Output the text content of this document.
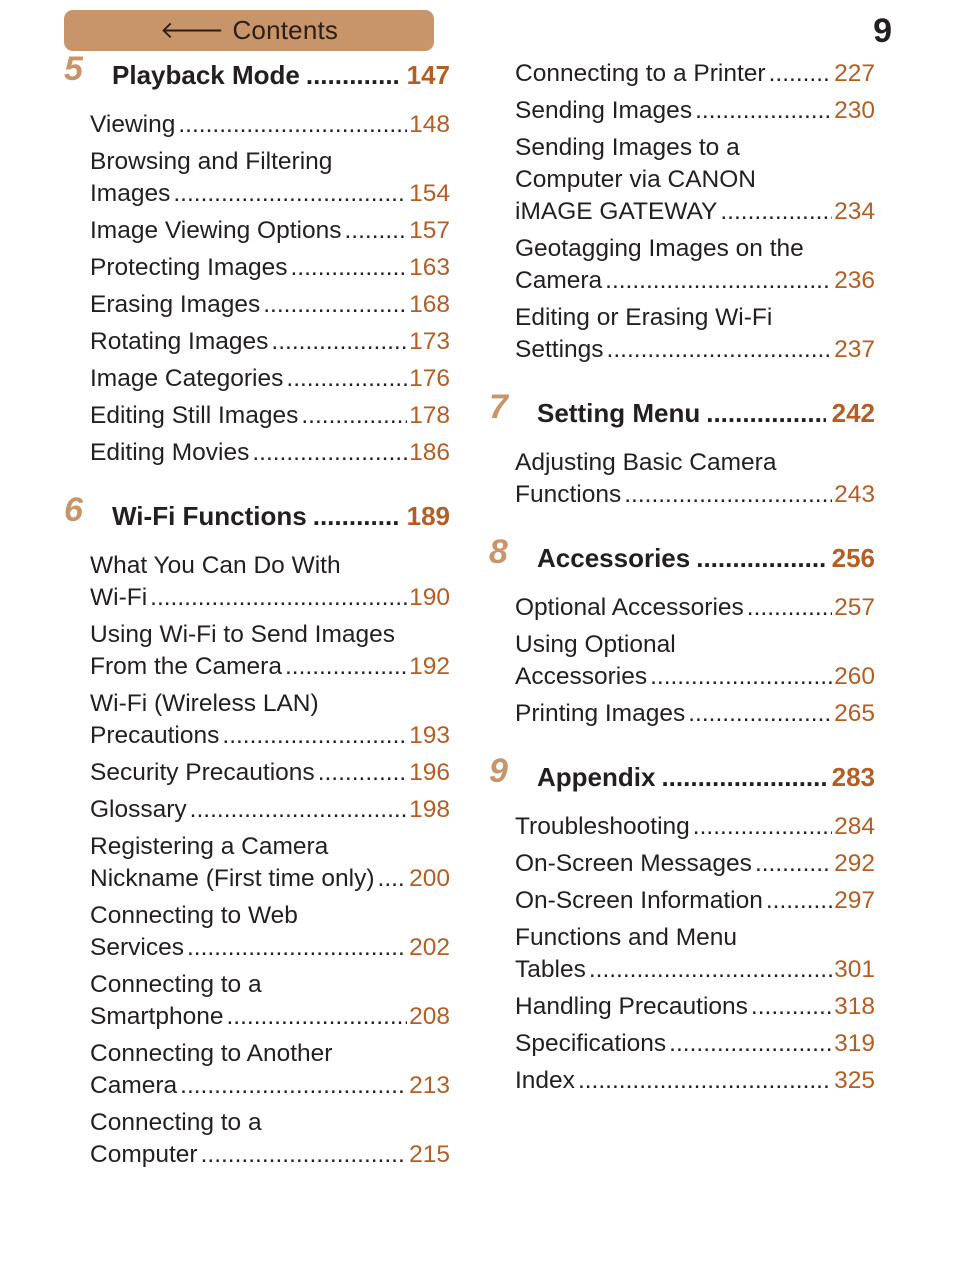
🡐 Contents	9
5 Playback Mode .....	147
Viewing .....	148
Browsing and Filtering
Images .....	154
Image Viewing Options .....	157
Protecting Images .....	163
Erasing Images .....	168
Rotating Images .....	173
Image Categories .....	176
Editing Still Images .....	178
Editing Movies .....	186
6 Wi-Fi Functions .....	189
What You Can Do With
Wi-Fi .....	190
Using Wi-Fi to Send Images
From the Camera .....	192
Wi-Fi (Wireless LAN)
Precautions .....	193
Security Precautions .....	196
Glossary .....	198
Registering a Camera
Nickname (First time only) ..... 200
Connecting to Web
Services .....	202
Connecting to a
Smartphone .....	208
Connecting to Another
Camera .....	213
Connecting to a
Computer .....	215
Connecting to a Printer .....	227
Sending Images .....	230
Sending Images to a
Computer via CANON
iMAGE GATEWAY .....	234
Geotagging Images on the
Camera .....	236
Editing or Erasing Wi-Fi
Settings .....	237
7 Setting Menu .....	242
Adjusting Basic Camera
Functions .....	243
8 Accessories .....	256
Optional Accessories .....	257
Using Optional
Accessories .....	260
Printing Images .....	265
9 Appendix .....	283
Troubleshooting .....	284
On-Screen Messages .....	292
On-Screen Information .....	297
Functions and Menu
Tables .....	301
Handling Precautions .....	318
Specifications .....	319
Index .....	325
